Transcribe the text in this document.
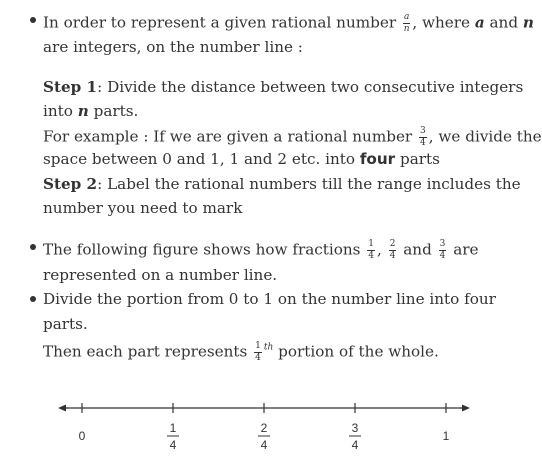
In order to represent a given rational number $\frac{a}{n}$ , where a and n
are integers, on the number line :
Step 1: Divide the distance between two consecutive integers
into n parts.
For example : If we are given a rational number $\frac{3}{4}$ , we divide the
space between 0 and 1, 1 and 2 etc. into four parts
Step 2: Label the rational numbers till the range includes the
number you need to mark
The following figure shows how fractions $\frac{1}{4}$ , $\frac{2}{4}$ and $\frac{3}{4}$ are
represented on a number line.
Divide the portion from 0 to 1 on the number line into four
parts.
Then each part represents $\frac{1}{4} ^{th}$ portion of the whole.
0	1
1
4
2
4
3
4
